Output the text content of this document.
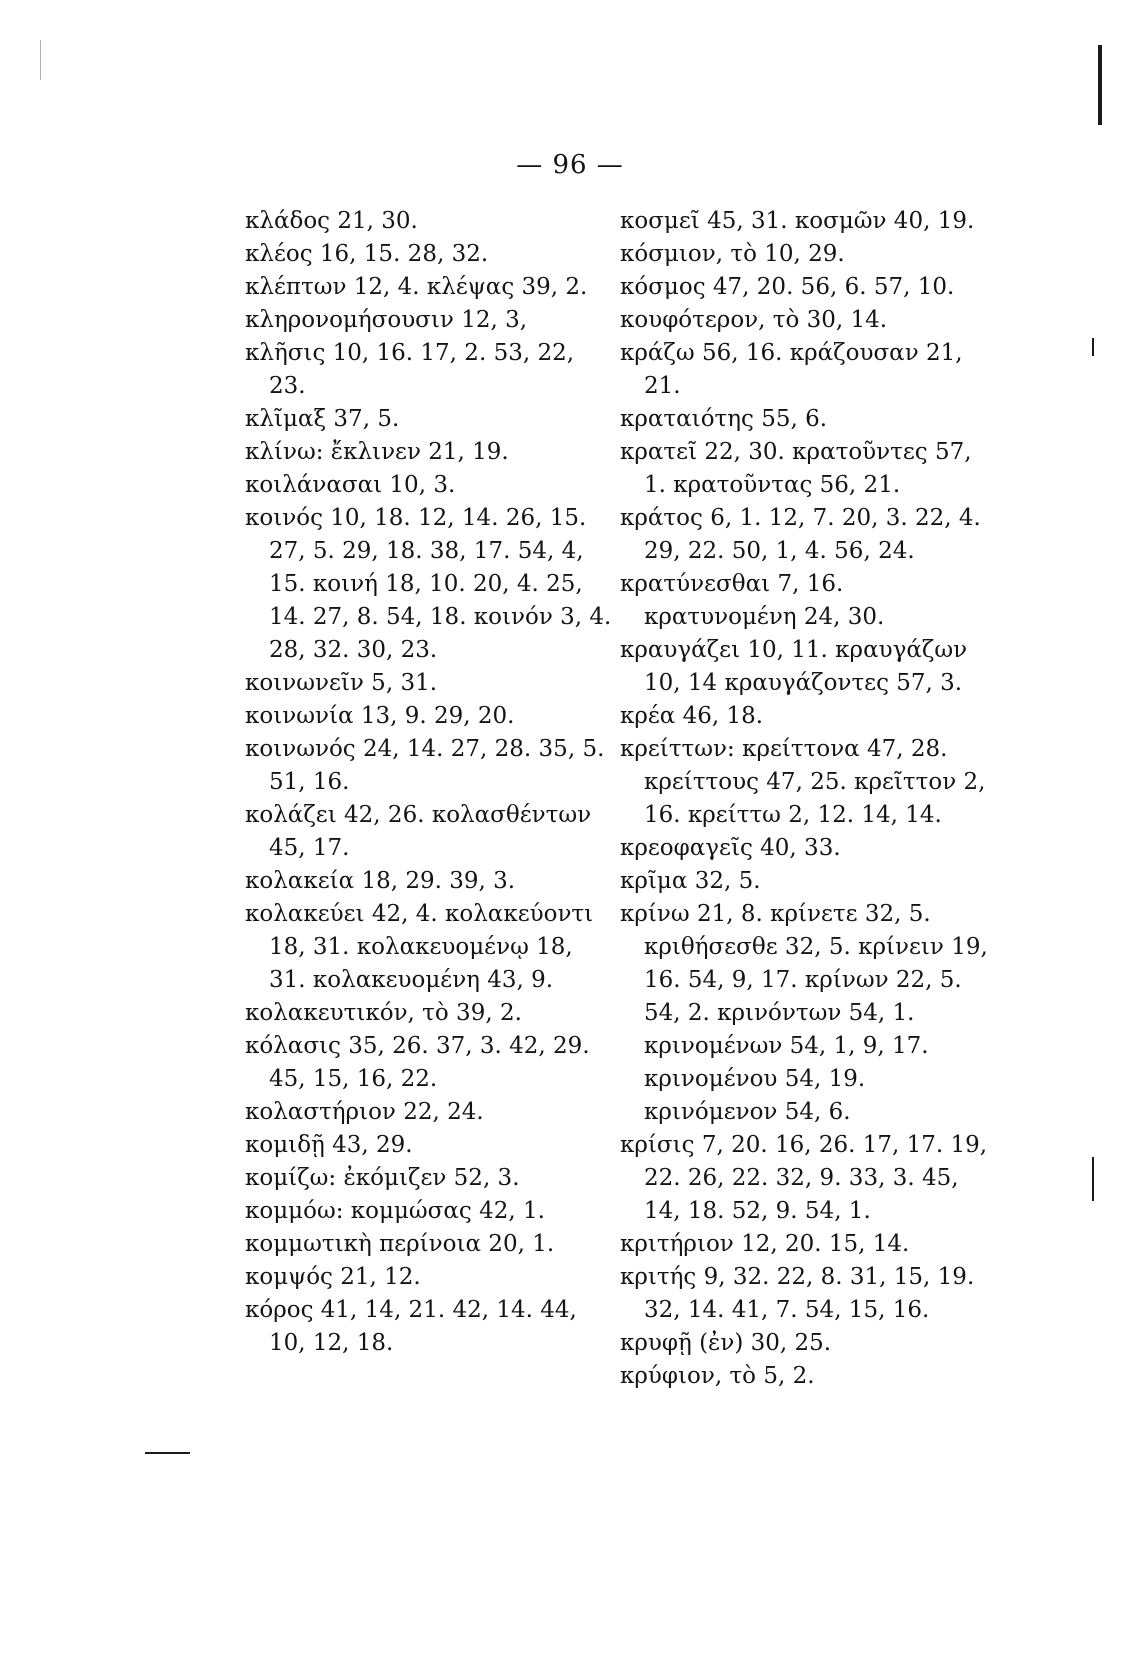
— 96 —

κλάδος 21, 30.

κλέος 16, 15. 28, 32.

κλέπτων 12, 4. κλέψας 39, 2.

κληρονομήσουσιν 12, 3,

κλῆσις 10, 16. 17, 2. 53, 22, 23.

κλῖμαξ 37, 5.

κλίνω: ἔκλινεν 21, 19.

κοιλάνασαι 10, 3.

κοινός 10, 18. 12, 14. 26, 15. 27, 5. 29, 18. 38, 17. 54, 4, 15. κοινή 18, 10. 20, 4. 25, 14. 27, 8. 54, 18. κοινόν 3, 4. 28, 32. 30, 23.

κοινωνεῖν 5, 31.

κοινωνία 13, 9. 29, 20.

κοινωνός 24, 14. 27, 28. 35, 5. 51, 16.

κολάζει 42, 26. κολασθέντων 45, 17.

κολακεία 18, 29. 39, 3.

κολακεύει 42, 4. κολακεύοντι 18, 31. κολακευομένῳ 18, 31. κολακευομένη 43, 9.

κολακευτικόν, τὸ 39, 2.

κόλασις 35, 26. 37, 3. 42, 29. 45, 15, 16, 22.

κολαστήριον 22, 24.

κομιδῇ 43, 29.

κομίζω: ἐκόμιζεν 52, 3.

κομμόω: κομμώσας 42, 1.

κομμωτικὴ περίνοια 20, 1.

κομψός 21, 12.

κόρος 41, 14, 21. 42, 14. 44, 10, 12, 18.

κοσμεῖ 45, 31. κοσμῶν 40, 19.

κόσμιον, τὸ 10, 29.

κόσμος 47, 20. 56, 6. 57, 10.

κουφότερον, τὸ 30, 14.

κράζω 56, 16. κράζουσαν 21, 21.

κραταιότης 55, 6.

κρατεῖ 22, 30. κρατοῦντες 57, 1. κρατοῦντας 56, 21.

κράτος 6, 1. 12, 7. 20, 3. 22, 4. 29, 22. 50, 1, 4. 56, 24.

κρατύνεσθαι 7, 16. κρατυνομένη 24, 30.

κραυγάζει 10, 11. κραυγάζων 10, 14 κραυγάζοντες 57, 3.

κρέα 46, 18.

κρείττων: κρείττονα 47, 28. κρείττους 47, 25. κρεῖττον 2, 16. κρείττω 2, 12. 14, 14.

κρεοφαγεῖς 40, 33.

κρῖμα 32, 5.

κρίνω 21, 8. κρίνετε 32, 5. κριθήσεσθε 32, 5. κρίνειν 19, 16. 54, 9, 17. κρίνων 22, 5. 54, 2. κρινόντων 54, 1. κρινομένων 54, 1, 9, 17. κρινομένου 54, 19. κρινόμενον 54, 6.

κρίσις 7, 20. 16, 26. 17, 17. 19, 22. 26, 22. 32, 9. 33, 3. 45, 14, 18. 52, 9. 54, 1.

κριτήριον 12, 20. 15, 14.

κριτής 9, 32. 22, 8. 31, 15, 19. 32, 14. 41, 7. 54, 15, 16.

κρυφῇ (ἐν) 30, 25.

κρύφιον, τὸ 5, 2.
